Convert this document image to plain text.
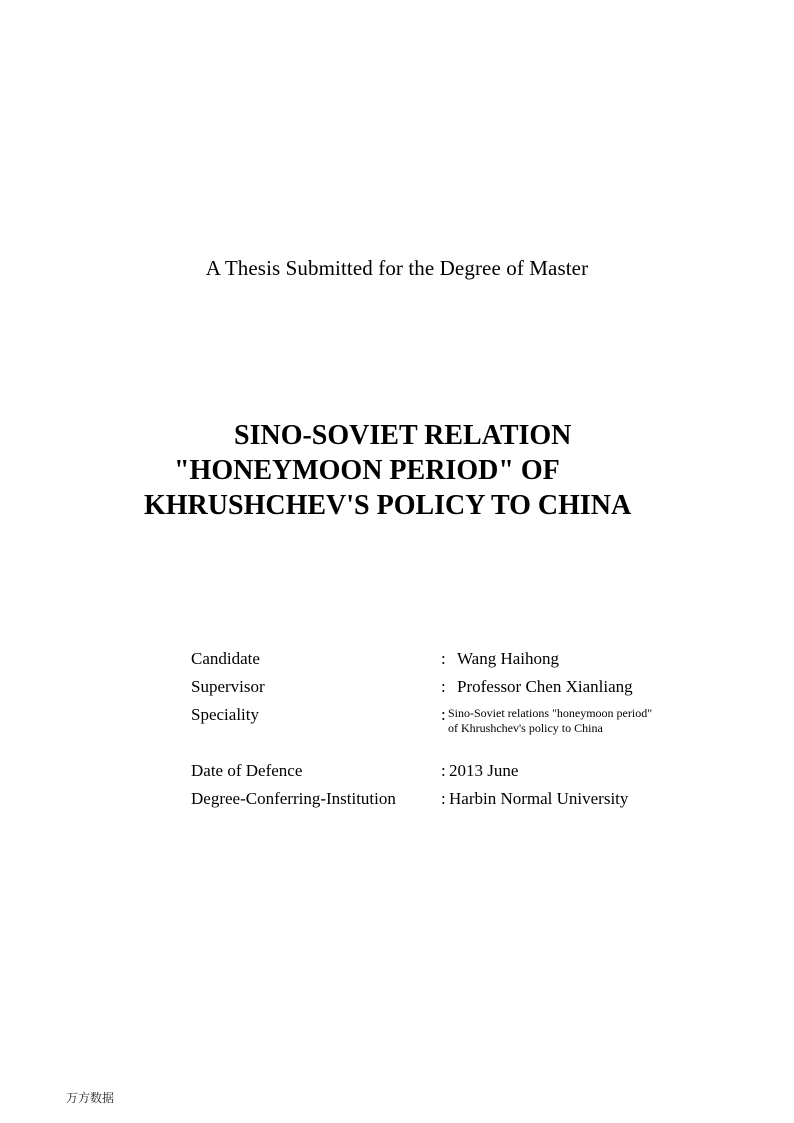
A Thesis Submitted for the Degree of Master
SINO-SOVIET RELATION
"HONEYMOON PERIOD" OF
KHRUSHCHEV'S POLICY TO CHINA
Candidate	: Wang Haihong
Supervisor	: Professor Chen Xianliang
Speciality	: Sino-Soviet relations "honeymoon period" of Khrushchev's policy to China
Date of Defence	: 2013 June
Degree-Conferring-Institution	: Harbin Normal University
万方数据
